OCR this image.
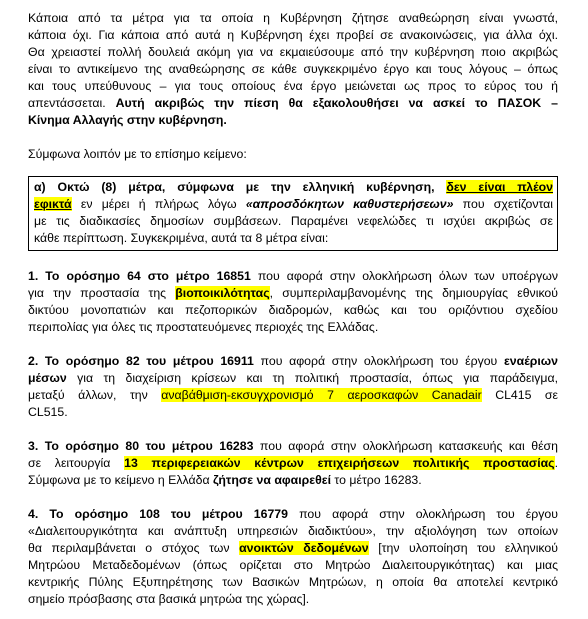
Κάποια από τα μέτρα για τα οποία η Κυβέρνηση ζήτησε αναθεώρηση είναι γνωστά,

κάποια όχι. Για κάποια από αυτά η Κυβέρνηση έχει προβεί σε ανακοινώσεις, για άλλα όχι.

Θα χρειαστεί πολλή δουλειά ακόμη για να εκμαιεύσουμε από την κυβέρνηση ποιο ακριβώς

είναι το αντικείμενο της αναθεώρησης σε κάθε συγκεκριμένο έργο και τους λόγους – όπως

και τους υπεύθυνους – για τους οποίους ένα έργο μειώνεται ως προς το εύρος του ή

απεντάσσεται. Αυτή ακριβώς την πίεση θα εξακολουθήσει να ασκεί το ΠΑΣΟΚ –

Κίνημα Αλλαγής στην κυβέρνηση.

Σύμφωνα λοιπόν με το επίσημο κείμενο:

α) Οκτώ (8) μέτρα, σύμφωνα με την ελληνική κυβέρνηση, δεν είναι πλέον

εφικτά εν μέρει ή πλήρως λόγω «απροσδόκητων καθυστερήσεων» που σχετίζονται

με τις διαδικασίες δημοσίων συμβάσεων. Παραμένει νεφελώδες τι ισχύει ακριβώς σε

κάθε περίπτωση. Συγκεκριμένα, αυτά τα 8 μέτρα είναι:

1. Το ορόσημο 64 στο μέτρο 16851 που αφορά στην ολοκλήρωση όλων των υποέργων

για την προστασία της βιοποικιλότητας, συμπεριλαμβανομένης της δημιουργίας εθνικού

δικτύου μονοπατιών και πεζοπορικών διαδρομών, καθώς και του οριζόντιου σχεδίου

περιπολίας για όλες τις προστατευόμενες περιοχές της Ελλάδας.

2. Το ορόσημο 82 του μέτρου 16911 που αφορά στην ολοκλήρωση του έργου εναέριων

μέσων για τη διαχείριση κρίσεων και τη πολιτική προστασία, όπως για παράδειγμα,

μεταξύ άλλων, την αναβάθμιση-εκσυγχρονισμό 7 αεροσκαφών Canadair CL415 σε

CL515.

3. Το ορόσημο 80 του μέτρου 16283 που αφορά στην ολοκλήρωση κατασκευής και θέση

σε λειτουργία 13 περιφερειακών κέντρων επιχειρήσεων πολιτικής προστασίας.

Σύμφωνα με το κείμενο η Ελλάδα ζήτησε να αφαιρεθεί το μέτρο 16283.

4. Το ορόσημο 108 του μέτρου 16779 που αφορά στην ολοκλήρωση του έργου

«Διαλειτουργικότητα και ανάπτυξη υπηρεσιών διαδικτύου», την αξιολόγηση των οποίων

θα περιλαμβάνεται ο στόχος των ανοικτών δεδομένων [την υλοποίηση του ελληνικού

Μητρώου Μεταδεδομένων (όπως ορίζεται στο Μητρώο Διαλειτουργικότητας) και μιας

κεντρικής Πύλης Εξυπηρέτησης των Βασικών Μητρώων, η οποία θα αποτελεί κεντρικό

σημείο πρόσβασης στα βασικά μητρώα της χώρας].
